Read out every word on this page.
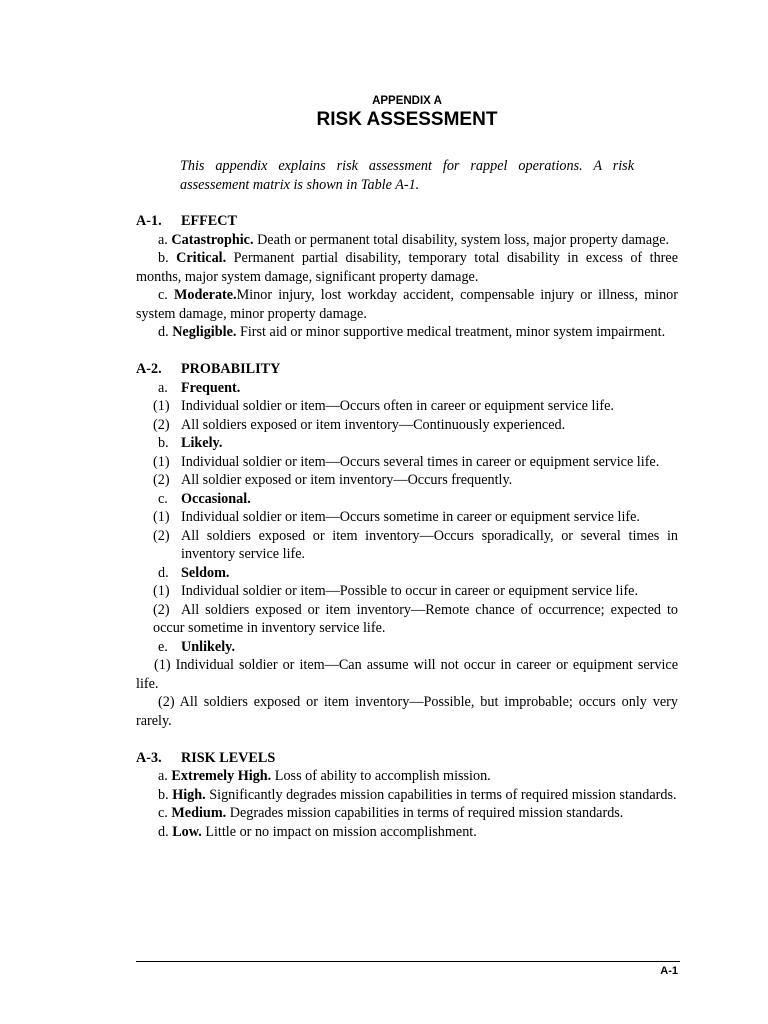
APPENDIX A
RISK ASSESSMENT
This appendix explains risk assessment for rappel operations. A risk assessement matrix is shown in Table A-1.
A-1. EFFECT
a. Catastrophic. Death or permanent total disability, system loss, major property damage.
b. Critical. Permanent partial disability, temporary total disability in excess of three months, major system damage, significant property damage.
c. Moderate.Minor injury, lost workday accident, compensable injury or illness, minor system damage, minor property damage.
d. Negligible. First aid or minor supportive medical treatment, minor system impairment.
A-2. PROBABILITY
a. Frequent.
(1) Individual soldier or item—Occurs often in career or equipment service life.
(2) All soldiers exposed or item inventory—Continuously experienced.
b. Likely.
(1) Individual soldier or item—Occurs several times in career or equipment service life.
(2) All soldier exposed or item inventory—Occurs frequently.
c. Occasional.
(1) Individual soldier or item—Occurs sometime in career or equipment service life.
(2) All soldiers exposed or item inventory—Occurs sporadically, or several times in inventory service life.
d. Seldom.
(1) Individual soldier or item—Possible to occur in career or equipment service life.
(2) All soldiers exposed or item inventory—Remote chance of occurrence; expected to occur sometime in inventory service life.
e. Unlikely.
(1) Individual soldier or item—Can assume will not occur in career or equipment service life.
(2) All soldiers exposed or item inventory—Possible, but improbable; occurs only very rarely.
A-3. RISK LEVELS
a. Extremely High. Loss of ability to accomplish mission.
b. High. Significantly degrades mission capabilities in terms of required mission standards.
c. Medium. Degrades mission capabilities in terms of required mission standards.
d. Low. Little or no impact on mission accomplishment.
A-1
